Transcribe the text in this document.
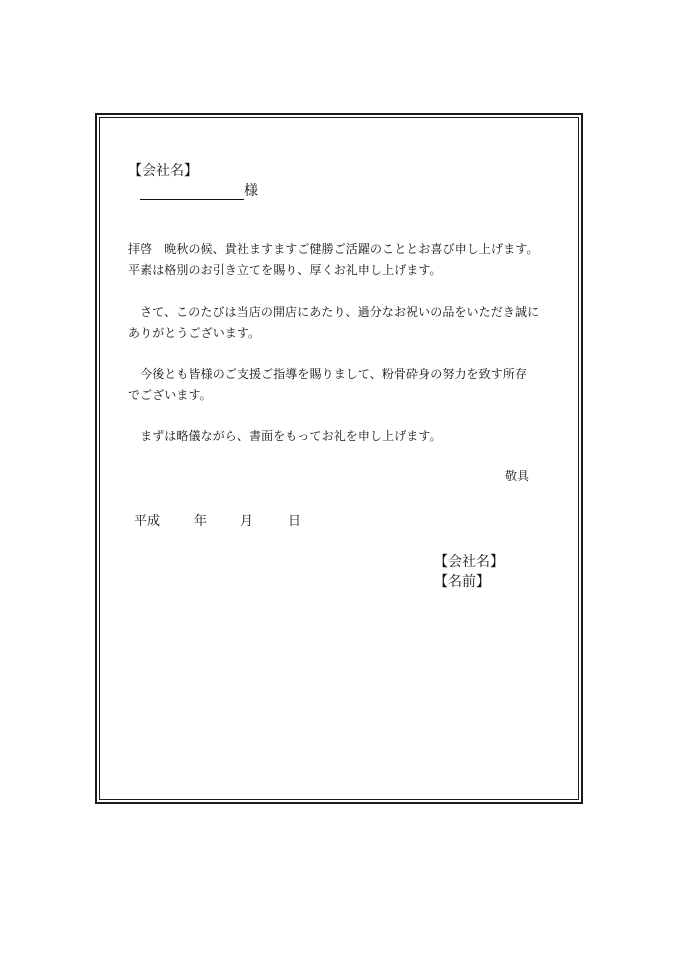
【会社名】
様
拝啓　晩秋の候、貴社ますますご健勝ご活躍のこととお喜び申し上げます。
平素は格別のお引き立てを賜り、厚くお礼申し上げます。
　さて、このたびは当店の開店にあたり、過分なお祝いの品をいただき誠に
ありがとうございます。
　今後とも皆様のご支援ご指導を賜りまして、粉骨砕身の努力を致す所存
でございます。
　まずは略儀ながら、書面をもってお礼を申し上げます。
敬具
平成	年	月	日
【会社名】
【名前】
